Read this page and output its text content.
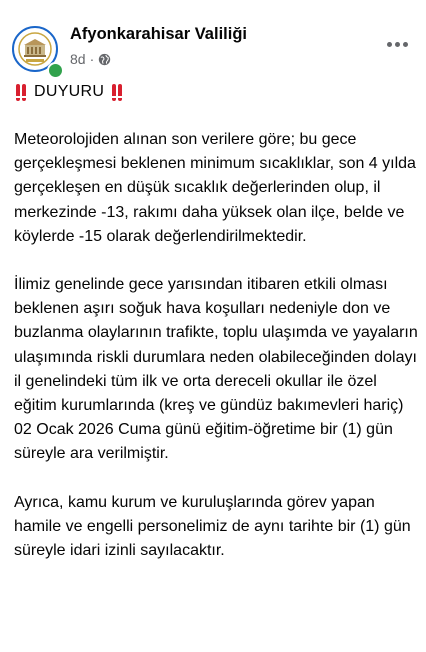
Afyonkarahisar Valiliği
8d ·
DUYURU

Meteorolojiden alınan son verilere göre; bu gece gerçekleşmesi beklenen minimum sıcaklıklar, son 4 yılda gerçekleşen en düşük sıcaklık değerlerinden olup, il merkezinde -13, rakımı daha yüksek olan ilçe, belde ve köylerde -15 olarak değerlendirilmektedir.

İlimiz genelinde gece yarısından itibaren etkili olması beklenen aşırı soğuk hava koşulları nedeniyle don ve buzlanma olaylarının trafikte, toplu ulaşımda ve yayaların ulaşımında riskli durumlara neden olabileceğinden dolayı il genelindeki tüm ilk ve orta dereceli okullar ile özel eğitim kurumlarında (kreş ve gündüz bakımevleri hariç) 02 Ocak 2026 Cuma günü eğitim-öğretime bir (1) gün süreyle ara verilmiştir.

Ayrıca, kamu kurum ve kuruluşlarında görev yapan hamile ve engelli personelimiz de aynı tarihte bir (1) gün süreyle idari izinli sayılacaktır.
